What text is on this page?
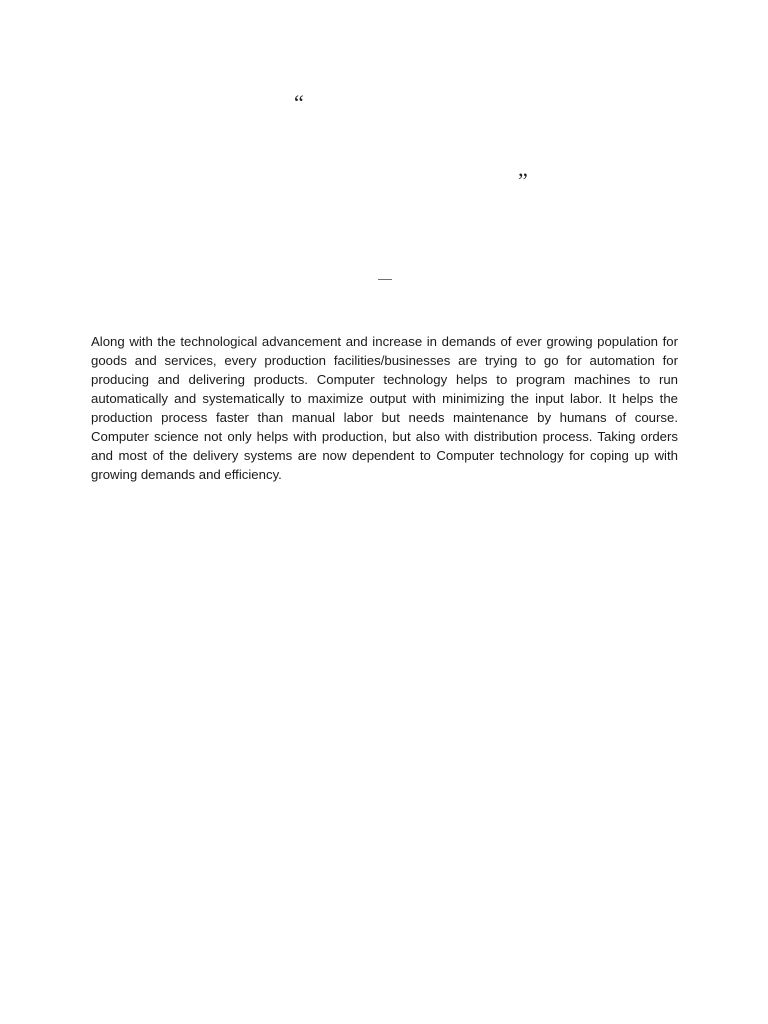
“
”
—

Along with the technological advancement and increase in demands of ever growing population for goods and services, every production facilities/businesses are trying to go for automation for producing and delivering products. Computer technology helps to program machines to run automatically and systematically to maximize output with minimizing the input labor. It helps the production process faster than manual labor but needs maintenance by humans of course. Computer science not only helps with production, but also with distribution process. Taking orders and most of the delivery systems are now dependent to Computer technology for coping up with growing demands and efficiency.
